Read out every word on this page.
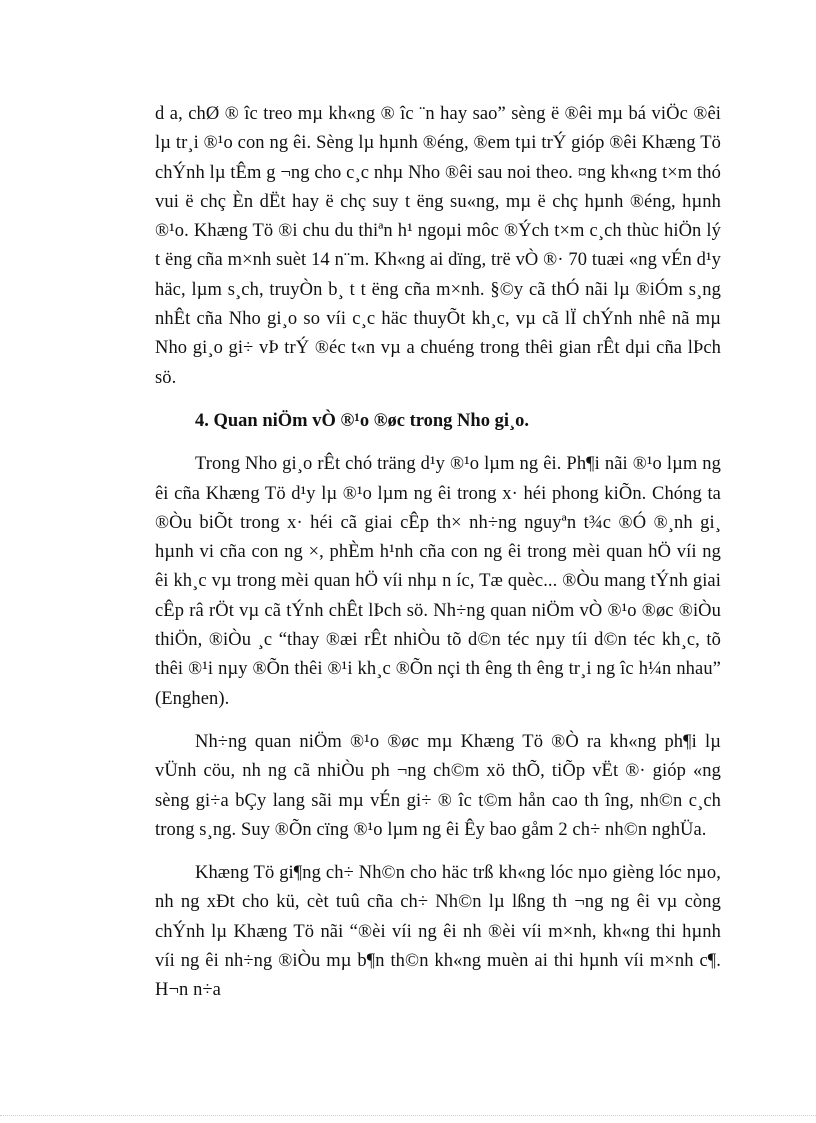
d a, chØ ® îc treo mµ kh«ng ® îc ¨n hay sao” sèng ë ®êi mµ bá viÖc ®êi lµ tr¸i ®¹o con ng êi. Sèng lµ hµnh ®éng, ®em tµi trÝ gióp ®êi Khæng Tö chÝnh lµ tÊm g ¬ng cho c¸c nhµ Nho ®êi sau noi theo. ¤ng kh«ng t×m thó vui ë chç Èn dËt hay ë chç suy t ëng su«ng, mµ ë chç hµnh ®éng, hµnh ®¹o. Khæng Tö ®i chu du thiªn h¹ ngoµi môc ®Ých t×m c¸ch thùc hiÖn lý t ëng cña m×nh suèt 14 n¨m. Kh«ng ai dïng, trë vÒ ®· 70 tuæi «ng vÉn d¹y häc, lµm s¸ch, truyÒn b¸ t t ëng cña m×nh. §©y cã thÓ nãi lµ ®iÓm s¸ng nhÊt cña Nho gi¸o so víi c¸c häc thuyÕt kh¸c, vµ cã lÏ chÝnh nhê nã mµ Nho gi¸o gi÷ vÞ trÝ ®éc t«n vµ a chuéng trong thêi gian rÊt dµi cña lÞch sö.

4. Quan niÖm vÒ ®¹o ®øc trong Nho gi¸o.

Trong Nho gi¸o rÊt chó träng d¹y ®¹o lµm ng êi. Ph¶i nãi ®¹o lµm ng êi cña Khæng Tö d¹y lµ ®¹o lµm ng êi trong x· héi phong kiÕn. Chóng ta ®Òu biÕt trong x· héi cã giai cÊp th× nh÷ng nguyªn t¾c ®Ó ®¸nh gi¸ hµnh vi cña con ng ×, phÈm h¹nh cña con ng êi trong mèi quan hÖ víi ng êi kh¸c vµ trong mèi quan hÖ víi nhµ n íc, Tæ quèc... ®Òu mang tÝnh giai cÊp râ rÖt vµ cã tÝnh chÊt lÞch sö. Nh÷ng quan niÖm vÒ ®¹o ®øc ®iÒu thiÖn, ®iÒu ¸c “thay ®æi rÊt nhiÒu tõ d©n téc nµy tíi d©n téc kh¸c, tõ thêi ®¹i nµy ®Õn thêi ®¹i kh¸c ®Õn nçi th êng th êng tr¸i ng îc h¼n nhau” (Enghen).

Nh÷ng quan niÖm ®¹o ®øc mµ Khæng Tö ®Ò ra kh«ng ph¶i lµ vÜnh cöu, nh ng cã nhiÒu ph ¬ng ch©m xö thÕ, tiÕp vËt ®· gióp «ng sèng gi÷a bÇy lang sãi mµ vÉn gi÷ ® îc t©m hån cao th îng, nh©n c¸ch trong s¸ng. Suy ®Õn cïng ®¹o lµm ng êi Êy bao gåm 2 ch÷ nh©n nghÜa.

Khæng Tö gi¶ng ch÷ Nh©n cho häc trß kh«ng lóc nµo gièng lóc nµo, nh ng xÐt cho kü, cèt tuû cña ch÷ Nh©n lµ lßng th ¬ng ng êi vµ còng chÝnh lµ Khæng Tö nãi “®èi víi ng êi nh ®èi víi m×nh, kh«ng thi hµnh víi ng êi nh÷ng ®iÒu mµ b¶n th©n kh«ng muèn ai thi hµnh víi m×nh c¶. H¬n n÷a
